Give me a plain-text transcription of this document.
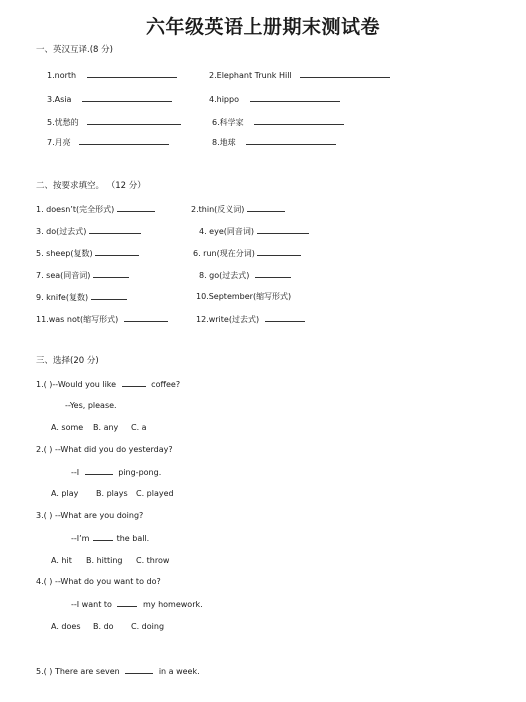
六年级英语上册期末测试卷
一、英汉互译.(8 分)
1.north	2.Elephant Trunk Hill
3.Asia	4.hippo
5.忧愁的	6.科学家
7.月亮	8.地球
二、按要求填空。 （12 分）
1. doesn’t(完全形式)	2.thin(反义词)
3. do(过去式)	4. eye(同音词)
5. sheep(复数)	6. run(现在分词)
7. sea(同音词)	8. go(过去式)
9. knife(复数)	10.September(缩写形式)
11.was not(缩写形式)	12.write(过去式)
三、选择(20 分)
1.( )--Would you like	coffee?
--Yes, please.
A. some B. any C. a
2.( ) --What did you do yesterday?
--I	ping-pong.
A. play B. plays C. played
3.( ) --What are you doing?
--I’m	the ball.
A. hit B. hitting C. throw
4.( ) --What do you want to do?
--I want to	my homework.
A. does B. do C. doing
5.( ) There are seven	in a week.
